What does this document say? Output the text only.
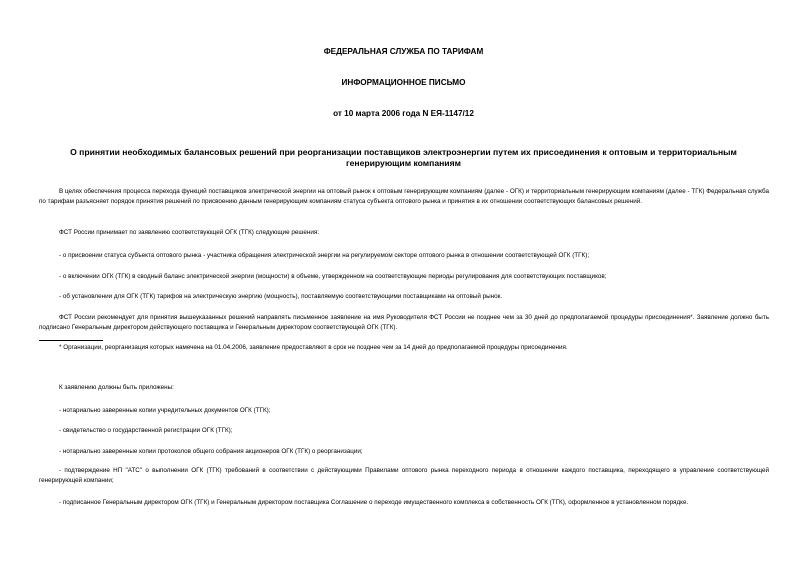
ФЕДЕРАЛЬНАЯ СЛУЖБА ПО ТАРИФАМ
ИНФОРМАЦИОННОЕ ПИСЬМО
от 10 марта 2006 года N ЕЯ-1147/12
О принятии необходимых балансовых решений при реорганизации поставщиков электроэнергии путем их присоединения к оптовым и территориальным генерирующим компаниям
В целях обеспечения процесса перехода функций поставщиков электрической энергии на оптовый рынок к оптовым генерирующим компаниям (далее - ОГК) и территориальным генерирующим компаниям (далее - ТГК) Федеральная служба по тарифам разъясняет порядок принятия решений по присвоению данным генерирующим компаниям статуса субъекта оптового рынка и принятия в их отношении соответствующих балансовых решений.
ФСТ России принимает по заявлению соответствующей ОГК (ТГК) следующие решения:
- о присвоении статуса субъекта оптового рынка - участника обращения электрической энергии на регулируемом секторе оптового рынка в отношении соответствующей ОГК (ТГК);
- о включении ОГК (ТГК) в сводный баланс электрической энергии (мощности) в объеме, утвержденном на соответствующие периоды регулирования для соответствующих поставщиков;
- об установлении для ОГК (ТГК) тарифов на электрическую энергию (мощность), поставляемую соответствующими поставщиками на оптовый рынок.
ФСТ России рекомендует для принятия вышеуказанных решений направлять письменное заявление на имя Руководителя ФСТ России не позднее чем за 30 дней до предполагаемой процедуры присоединения*. Заявление должно быть подписано Генеральным директором действующего поставщика и Генеральным директором соответствующей ОГК (ТГК).
* Организации, реорганизация которых намечена на 01.04.2006, заявление предоставляют в срок не позднее чем за 14 дней до предполагаемой процедуры присоединения.
К заявлению должны быть приложены:
- нотариально заверенные копии учредительных документов ОГК (ТГК);
- свидетельство о государственной регистрации ОГК (ТГК);
- нотариально заверенные копии протоколов общего собрания акционеров ОГК (ТГК) о реорганизации;
- подтверждение НП "АТС" о выполнении ОГК (ТГК) требований в соответствии с действующими Правилами оптового рынка переходного периода в отношении каждого поставщика, переходящего в управление соответствующей генерирующей компании;
- подписанное Генеральным директором ОГК (ТГК) и Генеральным директором поставщика Соглашение о переходе имущественного комплекса в собственность ОГК (ТГК), оформленное в установленном порядке.
